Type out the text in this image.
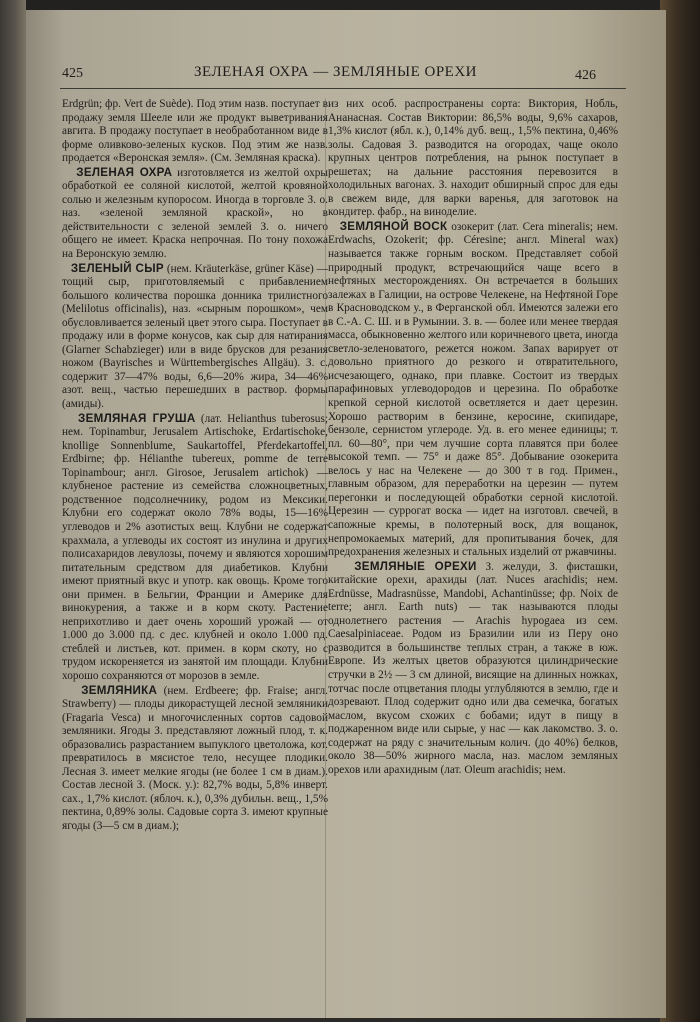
425	ЗЕЛЕНАЯ ОХРА — ЗЕМЛЯНЫЕ ОРЕХИ	426

Erdgrün; фр. Vert de Suède). Под этим назв. поступает в продажу земля Шееле или же продукт выветривания авгита. В продажу поступает в необработанном виде в форме оливково-зеленых кусков. Под этим же назв. продается «Веронская земля». (См. Земляная краска).

ЗЕЛЕНАЯ ОХРА изготовляется из желтой охры обработкой ее соляной кислотой, желтой кровяной солью и железным купоросом. Иногда в торговле З. о. наз. «зеленой земляной краской», но в действительности с зеленой землей З. о. ничего общего не имеет. Краска непрочная. По тону похожа на Веронскую землю.

ЗЕЛЕНЫЙ СЫР (нем. Kräuterkäse, grüner Käse) — тощий сыр, приготовляемый с прибавлением большого количества порошка донника трилистного (Melilotus officinalis), наз. «сырным порошком», чем обусловливается зеленый цвет этого сыра. Поступает в продажу или в форме конусов, как сыр для натирания (Glarner Schabzieger) или в виде брусков для резания ножом (Bayrisches и Württembergisches Allgäu). З. с. содержит 37—47% воды, 6,6—20% жира, 34—46% азот. вещ., частью перешедших в раствор. формы (амиды).

ЗЕМЛЯНАЯ ГРУША (лат. Helianthus tuberosus; нем. Topinambur, Jerusalem Artischoke, Erdartischoke, knollige Sonnenblume, Saukartoffel, Pferdekartoffel, Erdbirne; фр. Hélianthe tubereux, pomme de terre Topinambour; англ. Girosoe, Jerusalem artichok) — клубненое растение из семейства сложноцветных, родственное подсолнечнику, родом из Мексики. Клубни его содержат около 78% воды, 15—16% углеводов и 2% азотистых вещ. Клубни не содержат крахмала, а углеводы их состоят из инулина и других полисахаридов левулозы, почему и являются хорошим питательным средством для диабетиков. Клубни имеют приятный вкус и употр. как овощь. Кроме того они примен. в Бельгии, Франции и Америке для винокурения, а также и в корм скоту. Растение неприхотливо и дает очень хороший урожай — от 1.000 до 3.000 пд. с дес. клубней и около 1.000 пд. стеблей и листьев, кот. примен. в корм скоту, но с трудом искореняется из занятой им площади. Клубни хорошо сохраняются от морозов в земле.

ЗЕМЛЯНИКА (нем. Erdbeere; фр. Fraise; англ. Strawberry) — плоды дикорастущей лесной земляники (Fragaria Vesca) и многочисленных сортов садовой земляники. Ягоды З. представляют ложный плод, т. к. образовались разрастанием выпуклого цветоложа, кот. превратилось в мясистое тело, несущее плодики. Лесная З. имеет мелкие ягоды (не более 1 см в диам.). Состав лесной З. (Моск. у.): 82,7% воды, 5,8% инверт. сах., 1,7% кислот. (яблоч. к.), 0,3% дубильн. вещ., 1,5% пектина, 0,89% золы. Садовые сорта З. имеют крупные ягоды (3—5 см в диам.);

из них особ. распространены сорта: Виктория, Нобль, Ананасная. Состав Виктории: 86,5% воды, 9,6% сахаров, 1,3% кислот (ябл. к.), 0,14% дуб. вещ., 1,5% пектина, 0,46% золы. Садовая З. разводится на огородах, чаще около крупных центров потребления, на рынок поступает в решетах; на дальние расстояния перевозится в холодильных вагонах. З. находит обширный спрос для еды в свежем виде, для варки варенья, для заготовок на кондитер. фабр., на виноделие.

ЗЕМЛЯНОЙ ВОСК озокерит (лат. Cera mineralis; нем. Erdwachs, Ozokerit; фр. Céresine; англ. Mineral wax) называется также горным воском. Представляет собой природный продукт, встречающийся чаще всего в нефтяных месторождениях. Он встречается в больших залежах в Галиции, на острове Челекене, на Нефтяной Горе в Красноводском у., в Ферганской обл. Имеются залежи его в С.-А. С. Ш. и в Румынии. З. в. — более или менее твердая масса, обыкновенно желтого или коричневого цвета, иногда светло-зеленоватого, режется ножом. Запах варирует от довольно приятного до резкого и отвратительного, исчезающего, однако, при плавке. Состоит из твердых парафиновых углеводородов и церезина. По обработке крепкой серной кислотой осветляется и дает церезин. Хорошо растворим в бензине, керосине, скипидаре, бензоле, сернистом углероде. Уд. в. его менее единицы; т. пл. 60—80°, при чем лучшие сорта плавятся при более высокой темп. — 75° и даже 85°. Добывание озокерита велось у нас на Челекене — до 300 т в год. Примен., главным образом, для переработки на церезин — путем перегонки и последующей обработки серной кислотой. Церезин — суррогат воска — идет на изготовл. свечей, в сапожные кремы, в полотерный воск, для вощанок, непромокаемых материй, для пропитывания бочек, для предохранения железных и стальных изделий от ржавчины.

ЗЕМЛЯНЫЕ ОРЕХИ З. желуди, З. фисташки, китайские орехи, арахиды (лат. Nuces arachidis; нем. Erdnüsse, Madrasnüsse, Mandobi, Achantinüsse; фр. Noix de terre; англ. Earth nuts) — так называются плоды однолетнего растения — Arachis hypogaea из сем. Caesalpiniaceae. Родом из Бразилии или из Перу оно разводится в большинстве теплых стран, а также в юж. Европе. Из желтых цветов образуются цилиндрические стручки в 2½ — 3 см длиной, висящие на длинных ножках, тотчас после отцветания плоды углубляются в землю, где и дозревают. Плод содержит одно или два семечка, богатых маслом, вкусом схожих с бобами; идут в пищу в поджаренном виде или сырые, у нас — как лакомство. З. о. содержат на ряду с значительным колич. (до 40%) белков, около 38—50% жирного масла, наз. маслом земляных орехов или арахидным (лат. Oleum arachidis; нем.
